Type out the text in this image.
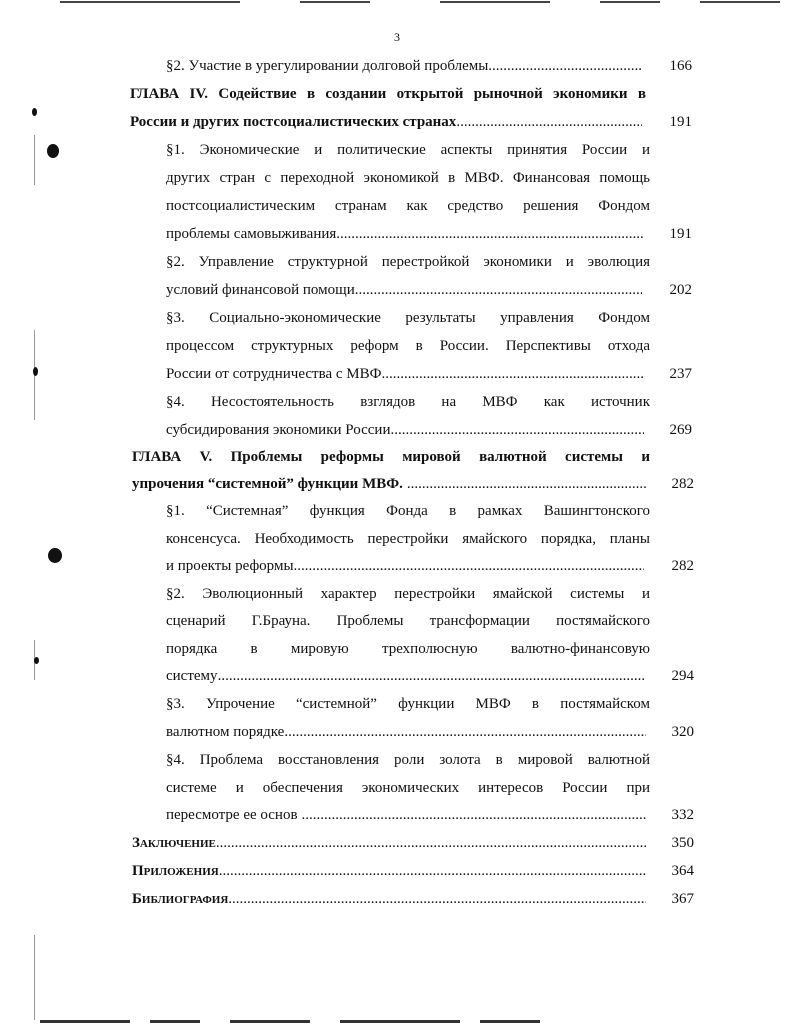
3
§2. Участие в урегулировании долговой проблемы .....	166
ГЛАВА IV. Содействие в создании открытой рыночной экономики в
России и других постсоциалистических странах .....	191
§1. Экономические и политические аспекты принятия России и
других стран с переходной экономикой в МВФ. Финансовая помощь
постсоциалистическим странам как средство решения Фондом
проблемы самовыживания .....	191
§2. Управление структурной перестройкой экономики и эволюция
условий финансовой помощи .....	202
§3. Социально-экономические результаты управления Фондом
процессом структурных реформ в России. Перспективы отхода
России от сотрудничества с МВФ .....	237
§4. Несостоятельность взглядов на МВФ как источник
субсидирования экономики России .....	269
ГЛАВА V. Проблемы реформы мировой валютной системы и
упрочения “системной” функции МВФ. .....	282
§1. “Системная” функция Фонда в рамках Вашингтонского
консенсуса. Необходимость перестройки ямайского порядка, планы
и проекты реформы .....	282
§2. Эволюционный характер перестройки ямайской системы и
сценарий Г.Брауна. Проблемы трансформации постямайского
порядка в мировую трехполюсную валютно-финансовую
систему .....	294
§3. Упрочение “системной” функции МВФ в постямайском
валютном порядке .....	320
§4. Проблема восстановления роли золота в мировой валютной
системе и обеспечения экономических интересов России при
пересмотре ее основ .....	332
Заключение .....	350
Приложения .....	364
Библиография .....	367
